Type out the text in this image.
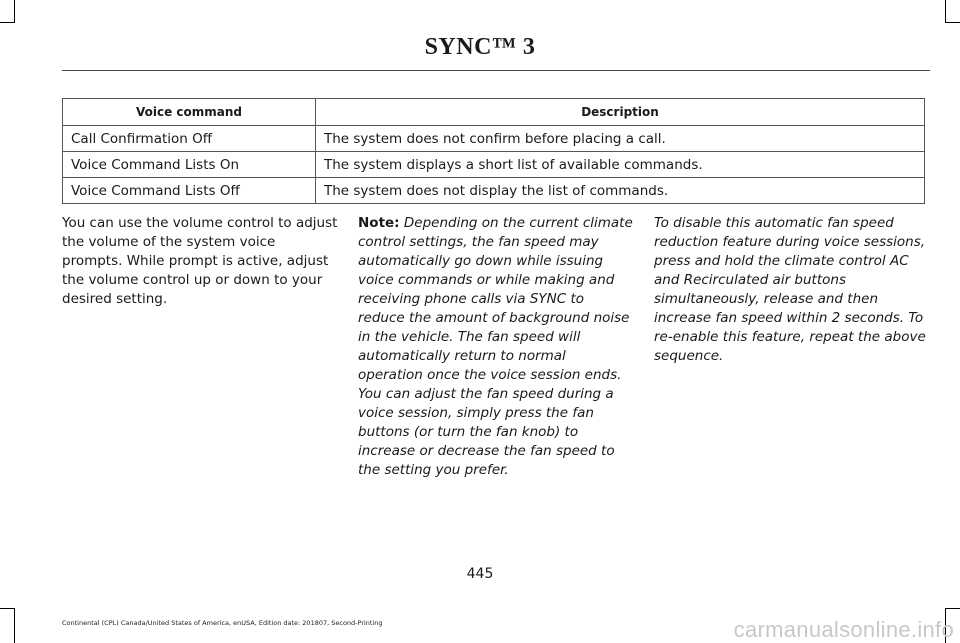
SYNC™ 3
Voice command	Description
Call Confirmation Off	The system does not confirm before placing a call.
Voice Command Lists On	The system displays a short list of available commands.
Voice Command Lists Off	The system does not display the list of commands.

You can use the volume control to adjust the volume of the system voice prompts. While prompt is active, adjust the volume control up or down to your desired setting.

Note: Depending on the current climate control settings, the fan speed may automatically go down while issuing voice commands or while making and receiving phone calls via SYNC to reduce the amount of background noise in the vehicle. The fan speed will automatically return to normal operation once the voice session ends. You can adjust the fan speed during a voice session, simply press the fan buttons (or turn the fan knob) to increase or decrease the fan speed to the setting you prefer.

To disable this automatic fan speed reduction feature during voice sessions, press and hold the climate control AC and Recirculated air buttons simultaneously, release and then increase fan speed within 2 seconds. To re-enable this feature, repeat the above sequence.

445
Continental (CPL) Canada/United States of America, enUSA, Edition date: 201807, Second-Printing	carmanualsonline.info
